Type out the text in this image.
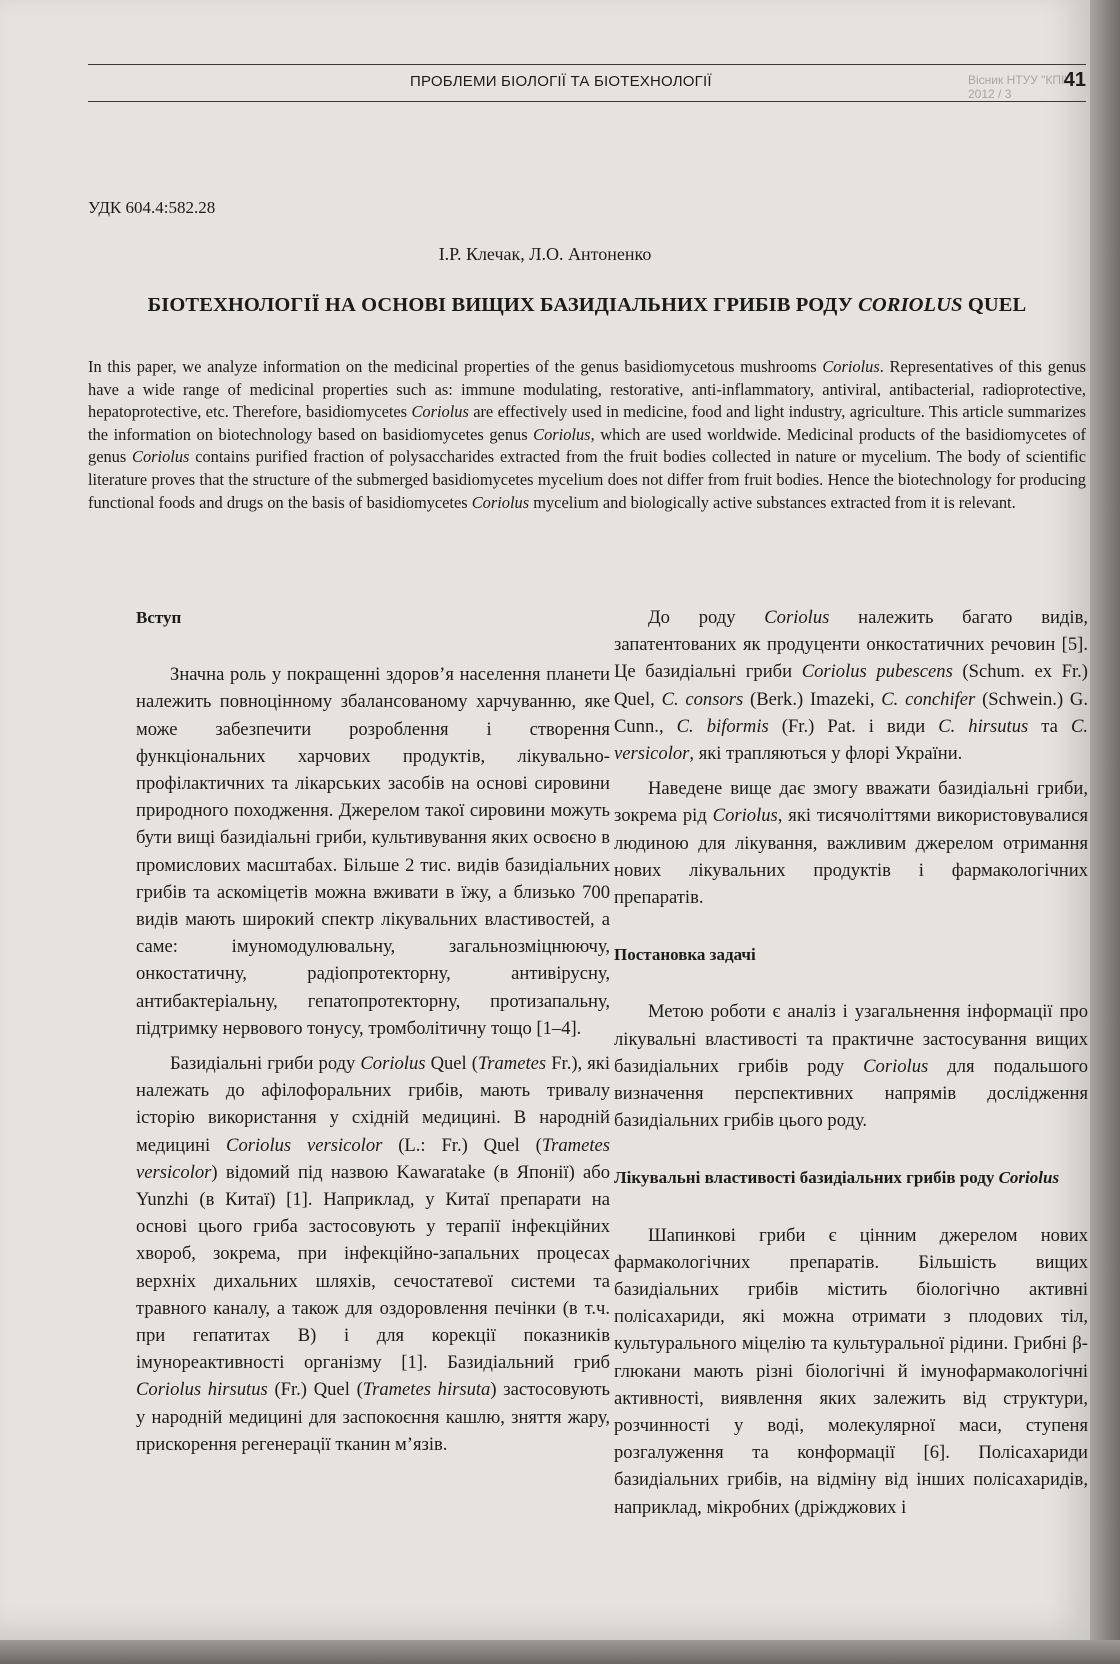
Вісник НТУУ "КПІ" 2012 / 3
ПРОБЛЕМИ БІОЛОГІЇ ТА БІОТЕХНОЛОГІЇ	41
УДК 604.4:582.28
І.Р. Клечак, Л.О. Антоненко
БІОТЕХНОЛОГІЇ НА ОСНОВІ ВИЩИХ БАЗИДІАЛЬНИХ ГРИБІВ РОДУ CORIOLUS QUEL
In this paper, we analyze information on the medicinal properties of the genus basidiomycetous mushrooms Coriolus. Representatives of this genus have a wide range of medicinal properties such as: immune modulating, restorative, anti-inflammatory, antiviral, antibacterial, radioprotective, hepatoprotective, etc. Therefore, basidiomycetes Coriolus are effectively used in medicine, food and light industry, agriculture. This article summarizes the information on biotechnology based on basidiomycetes genus Coriolus, which are used worldwide. Medicinal products of the basidiomycetes of genus Coriolus contains purified fraction of polysaccharides extracted from the fruit bodies collected in nature or mycelium. The body of scientific literature proves that the structure of the submerged basidiomycetes mycelium does not differ from fruit bodies. Hence the biotechnology for producing functional foods and drugs on the basis of basidiomycetes Coriolus mycelium and biologically active substances extracted from it is relevant.

Вступ

Значна роль у покращенні здоров’я населення планети належить повноцінному збалансованому харчуванню, яке може забезпечити розроблення і створення функціональних харчових продуктів, лікувально-профілактичних та лікарських засобів на основі сировини природного походження. Джерелом такої сировини можуть бути вищі базидіальні гриби, культивування яких освоєно в промислових масштабах. Більше 2 тис. видів базидіальних грибів та аскоміцетів можна вживати в їжу, а близько 700 видів мають широкий спектр лікувальних властивостей, а саме: імуномодулювальну, загальнозміцнюючу, онкостатичну, радіопротекторну, антивірусну, антибактеріальну, гепатопротекторну, протизапальну, підтримку нервового тонусу, тромболітичну тощо [1–4].

Базидіальні гриби роду Coriolus Quel (Trametes Fr.), які належать до афілофоральних грибів, мають тривалу історію використання у східній медицині. В народній медицині Coriolus versicolor (L.: Fr.) Quel (Trametes versicolor) відомий під назвою Kawaratake (в Японії) або Yunzhi (в Китаї) [1]. Наприклад, у Китаї препарати на основі цього гриба застосовують у терапії інфекційних хвороб, зокрема, при інфекційно-запальних процесах верхніх дихальних шляхів, сечостатевої системи та травного каналу, а також для оздоровлення печінки (в т.ч. при гепатитах В) і для корекції показників імунореактивності організму [1]. Базидіальний гриб Coriolus hirsutus (Fr.) Quel (Trametes hirsuta) застосовують у народній медицині для заспокоєння кашлю, зняття жару, прискорення регенерації тканин м’язів.

До роду Coriolus належить багато видів, запатентованих як продуценти онкостатичних речовин [5]. Це базидіальні гриби Coriolus pubescens (Schum. ex Fr.) Quel, C. consors (Berk.) Imazeki, C. conchifer (Schwein.) G. Cunn., C. biformis (Fr.) Pat. і види C. hirsutus та C. versicolor, які трапляються у флорі України.

Наведене вище дає змогу вважати базидіальні гриби, зокрема рід Coriolus, які тисячоліттями використовувалися людиною для лікування, важливим джерелом отримання нових лікувальних продуктів і фармакологічних препаратів.

Постановка задачі

Метою роботи є аналіз і узагальнення інформації про лікувальні властивості та практичне застосування вищих базидіальних грибів роду Coriolus для подальшого визначення перспективних напрямів дослідження базидіальних грибів цього роду.

Лікувальні властивості базидіальних грибів роду Coriolus

Шапинкові гриби є цінним джерелом нових фармакологічних препаратів. Більшість вищих базидіальних грибів містить біологічно активні полісахариди, які можна отримати з плодових тіл, культурального міцелію та культуральної рідини. Грибні β-глюкани мають різні біологічні й імунофармакологічні активності, виявлення яких залежить від структури, розчинності у воді, молекулярної маси, ступеня розгалуження та конформації [6]. Полісахариди базидіальних грибів, на відміну від інших полісахаридів, наприклад, мікробних (дріжджових і
